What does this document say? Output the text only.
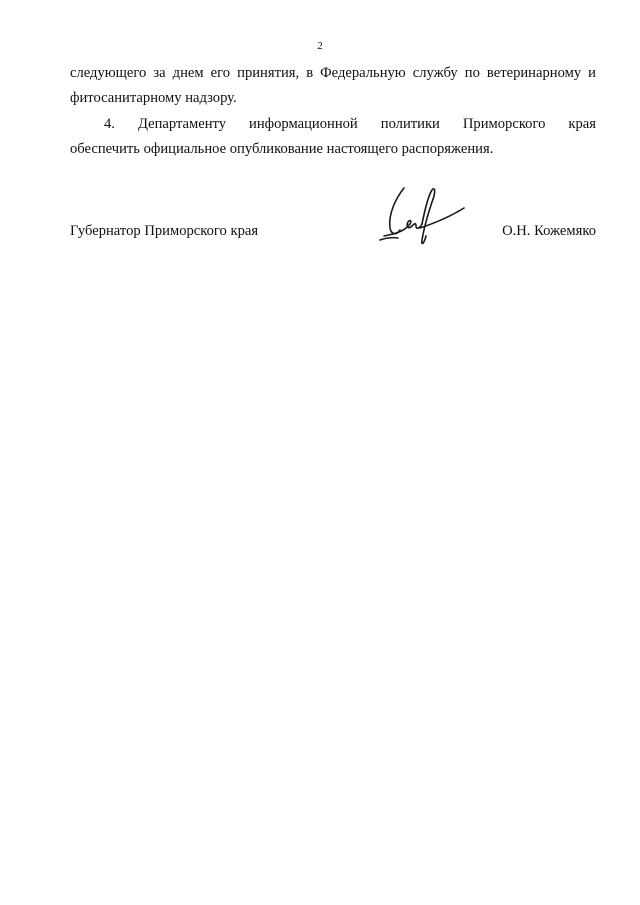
2
следующего за днем его принятия, в Федеральную службу по ветеринарному и
фитосанитарному надзору.
4. Департаменту информационной политики Приморского края
обеспечить официальное опубликование настоящего распоряжения.
Губернатор Приморского края	О.Н. Кожемяко
